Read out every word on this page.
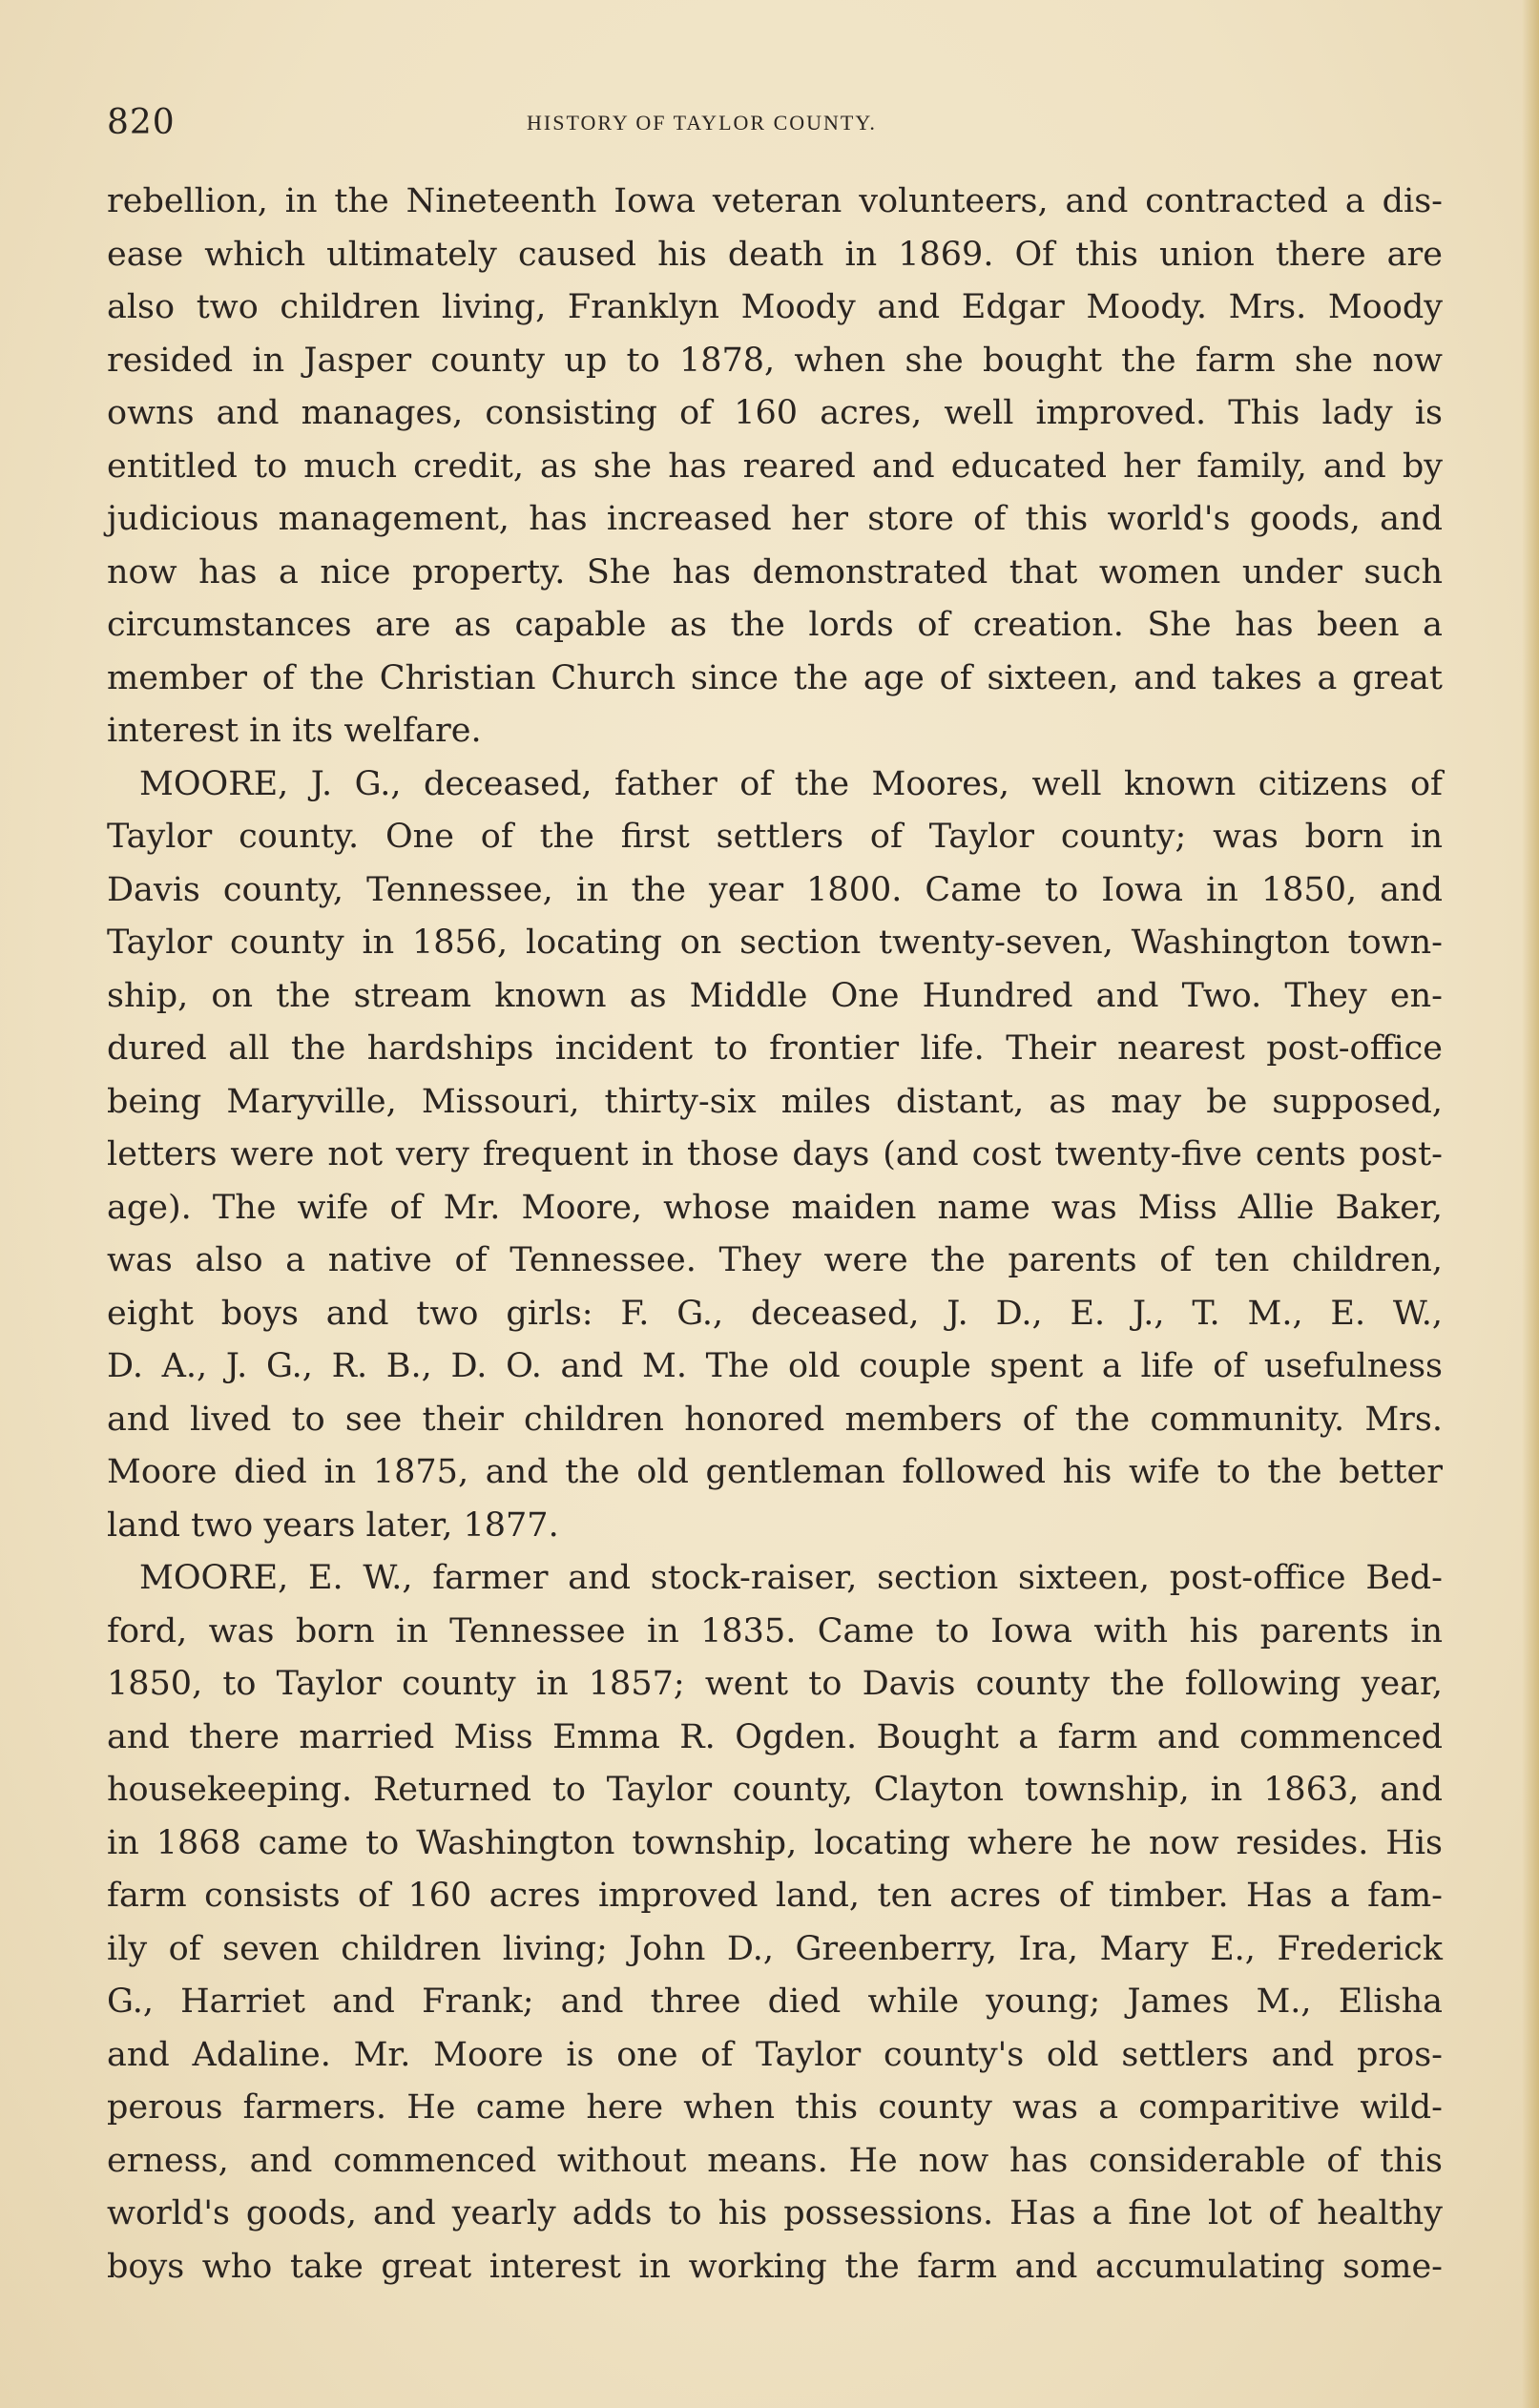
820	HISTORY OF TAYLOR COUNTY.

rebellion, in the Nineteenth Iowa veteran volunteers, and contracted a dis-
ease which ultimately caused his death in 1869. Of this union there are
also two children living, Franklyn Moody and Edgar Moody. Mrs. Moody
resided in Jasper county up to 1878, when she bought the farm she now
owns and manages, consisting of 160 acres, well improved. This lady is
entitled to much credit, as she has reared and educated her family, and by
judicious management, has increased her store of this world's goods, and
now has a nice property. She has demonstrated that women under such
circumstances are as capable as the lords of creation. She has been a
member of the Christian Church since the age of sixteen, and takes a great
interest in its welfare.

MOORE, J. G., deceased, father of the Moores, well known citizens of
Taylor county. One of the first settlers of Taylor county; was born in
Davis county, Tennessee, in the year 1800. Came to Iowa in 1850, and
Taylor county in 1856, locating on section twenty-seven, Washington town-
ship, on the stream known as Middle One Hundred and Two. They en-
dured all the hardships incident to frontier life. Their nearest post-office
being Maryville, Missouri, thirty-six miles distant, as may be supposed,
letters were not very frequent in those days (and cost twenty-five cents post-
age). The wife of Mr. Moore, whose maiden name was Miss Allie Baker,
was also a native of Tennessee. They were the parents of ten children,
eight boys and two girls: F. G., deceased, J. D., E. J., T. M., E. W.,
D. A., J. G., R. B., D. O. and M. The old couple spent a life of usefulness
and lived to see their children honored members of the community. Mrs.
Moore died in 1875, and the old gentleman followed his wife to the better
land two years later, 1877.

MOORE, E. W., farmer and stock-raiser, section sixteen, post-office Bed-
ford, was born in Tennessee in 1835. Came to Iowa with his parents in
1850, to Taylor county in 1857; went to Davis county the following year,
and there married Miss Emma R. Ogden. Bought a farm and commenced
housekeeping. Returned to Taylor county, Clayton township, in 1863, and
in 1868 came to Washington township, locating where he now resides. His
farm consists of 160 acres improved land, ten acres of timber. Has a fam-
ily of seven children living; John D., Greenberry, Ira, Mary E., Frederick
G., Harriet and Frank; and three died while young; James M., Elisha
and Adaline. Mr. Moore is one of Taylor county's old settlers and pros-
perous farmers. He came here when this county was a comparitive wild-
erness, and commenced without means. He now has considerable of this
world's goods, and yearly adds to his possessions. Has a fine lot of healthy
boys who take great interest in working the farm and accumulating some-
